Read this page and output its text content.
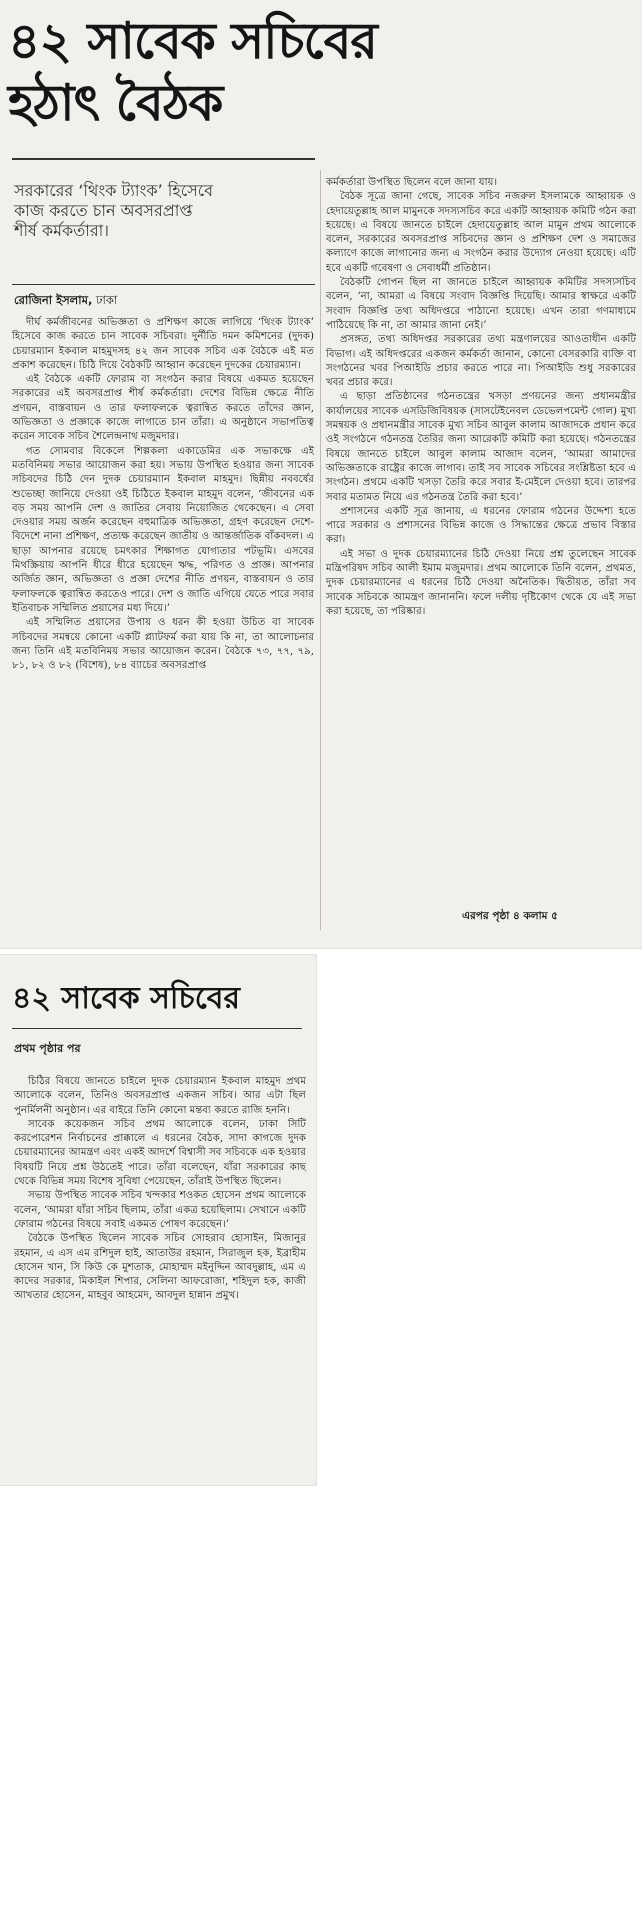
৪২ সাবেক সচিবের
হঠাৎ বৈঠক
সরকারের ‘থিংক ট্যাংক’ হিসেবে
কাজ করতে চান অবসরপ্রাপ্ত
শীর্ষ কর্মকর্তারা।
রোজিনা ইসলাম, ঢাকা

দীর্ঘ কর্মজীবনের অভিজ্ঞতা ও প্রশিক্ষণ কাজে লাগিয়ে ‘থিংক ট্যাংক’ হিসেবে কাজ করতে চান সাবেক সচিবরা। দুর্নীতি দমন কমিশনের (দুদক) চেয়ারম্যান ইকবাল মাহমুদসহ ৪২ জন সাবেক সচিব এক বৈঠকে এই মত প্রকাশ করেছেন। চিঠি দিয়ে বৈঠকটি আহ্বান করেছেন দুদকের চেয়ারম্যান।

এই বৈঠকে একটি ফোরাম বা সংগঠন করার বিষয়ে একমত হয়েছেন সরকারের এই অবসরপ্রাপ্ত শীর্ষ কর্মকর্তারা। দেশের বিভিন্ন ক্ষেত্রে নীতি প্রণয়ন, বাস্তবায়ন ও তার ফলাফলকে ত্বরান্বিত করতে তাঁদের জ্ঞান, অভিজ্ঞতা ও প্রজ্ঞাকে কাজে লাগাতে চান তাঁরা। এ অনুষ্ঠানে সভাপতিত্ব করেন সাবেক সচিব শৈলেন্দ্রনাথ মজুমদার।

গত সোমবার বিকেলে শিল্পকলা একাডেমির এক সভাকক্ষে এই মতবিনিময় সভার আয়োজন করা হয়। সভায় উপস্থিত হওয়ার জন্য সাবেক সচিবদের চিঠি দেন দুদক চেয়ারম্যান ইকবাল মাহমুদ। ছিন্নীয় নববর্ষের শুভেচ্ছা জানিয়ে দেওয়া ওই চিঠিতে ইকবাল মাহমুদ বলেন, ‘জীবনের এক বড় সময় আপনি দেশ ও জাতির সেবায় নিয়োজিত থেকেছেন। এ সেবা দেওয়ার সময় অর্জন করেছেন বহুমাত্রিক অভিজ্ঞতা, গ্রহণ করেছেন দেশে-বিদেশে নানা প্রশিক্ষণ, প্রত্যক্ষ করেছেন জাতীয় ও আন্তর্জাতিক বাঁকবদল। এ ছাড়া আপনার রয়েছে চমৎকার শিক্ষাগত যোগ্যতার পটভূমি। এসবের মিথস্ক্রিয়ায় আপনি ধীরে ধীরে হয়েছেন ঋদ্ধ, পরিণত ও প্রাজ্ঞ। আপনার অর্জিত জ্ঞান, অভিজ্ঞতা ও প্রজ্ঞা দেশের নীতি প্রণয়ন, বাস্তবায়ন ও তার ফলাফলকে ত্বরান্বিত করতেও পারে। দেশ ও জাতি এগিয়ে যেতে পারে সবার ইতিবাচক সম্মিলিত প্রয়াসের মধ্য দিয়ে।’

এই সম্মিলিত প্রয়াসের উপায় ও ধরন কী হওয়া উচিত বা সাবেক সচিবদের সমন্বয়ে কোনো একটি প্ল্যাটফর্ম করা যায় কি না, তা আলোচনার জন্য তিনি এই মতবিনিময় সভার আয়োজন করেন। বৈঠকে ৭৩, ৭৭, ৭৯, ৮১, ৮২ ও ৮২ (বিশেষ), ৮৪ ব্যাচের অবসরপ্রাপ্ত

কর্মকর্তারা উপস্থিত ছিলেন বলে জানা যায়।

বৈঠক সূত্রে জানা গেছে, সাবেক সচিব নজরুল ইসলামকে আহ্বায়ক ও হেদায়েতুল্লাহ আল মামুনকে সদস্যসচিব করে একটি আহ্বায়ক কমিটি গঠন করা হয়েছে। এ বিষয়ে জানতে চাইলে হেদায়েতুল্লাহ আল মামুন প্রথম আলোকে বলেন, সরকারের অবসরপ্রাপ্ত সচিবদের জ্ঞান ও প্রশিক্ষণ দেশ ও সমাজের কল্যাণে কাজে লাগানোর জন্য এ সংগঠন করার উদ্যোগ নেওয়া হয়েছে। এটি হবে একটি গবেষণা ও সেবাধর্মী প্রতিষ্ঠান।

বৈঠকটি গোপন ছিল না জানতে চাইলে আহ্বায়ক কমিটির সদস্যসচিব বলেন, ‘না, আমরা এ বিষয়ে সংবাদ বিজ্ঞপ্তি দিয়েছি। আমার স্বাক্ষরে একটি সংবাদ বিজ্ঞপ্তি তথ্য অধিদপ্তরে পাঠানো হয়েছে। এখন তারা গণমাধ্যমে পাঠিয়েছে কি না, তা আমার জানা নেই।’

প্রসঙ্গত, তথ্য অধিদপ্তর সরকারের তথ্য মন্ত্রণালয়ের আওতাধীন একটি বিভাগ। এই অধিদপ্তরের একজন কর্মকর্তা জানান, কোনো বেসরকারি ব্যক্তি বা সংগঠনের খবর পিআইডি প্রচার করতে পারে না। পিআইডি শুধু সরকারের খবর প্রচার করে।

এ ছাড়া প্রতিষ্ঠানের গঠনতন্ত্রের খসড়া প্রণয়নের জন্য প্রধানমন্ত্রীর কার্যালয়ের সাবেক এসডিজিবিষয়ক (সাসটেইনেবল ডেভেলপমেন্ট গোল) মুখ্য সমন্বয়ক ও প্রধানমন্ত্রীর সাবেক মুখ্য সচিব আবুল কালাম আজাদকে প্রধান করে ওই সংগঠনে গঠনতন্ত্র তৈরির জন্য আরেকটি কমিটি করা হয়েছে। গঠনতন্ত্রের বিষয়ে জানতে চাইলে আবুল কালাম আজাদ বলেন, ‘আমরা আমাদের অভিজ্ঞতাকে রাষ্ট্রের কাজে লাগাব। তাই সব সাবেক সচিবের সংশ্লিষ্টতা হবে এ সংগঠন। প্রথমে একটি খসড়া তৈরি করে সবার ই-মেইলে দেওয়া হবে। তারপর সবার মতামত নিয়ে এর গঠনতন্ত্র তৈরি করা হবে।’

প্রশাসনের একটি সূত্র জানায়, এ ধরনের ফোরাম গঠনের উদ্দেশ্য হতে পারে সরকার ও প্রশাসনের বিভিন্ন কাজে ও সিদ্ধান্তের ক্ষেত্রে প্রভাব বিস্তার করা।

এই সভা ও দুদক চেয়ারম্যানের চিঠি দেওয়া নিয়ে প্রশ্ন তুলেছেন সাবেক মন্ত্রিপরিষদ সচিব আলী ইমাম মজুমদার। প্রথম আলোকে তিনি বলেন, প্রথমত, দুদক চেয়ারম্যানের এ ধরনের চিঠি দেওয়া অনৈতিক। দ্বিতীয়ত, তাঁরা সব সাবেক সচিবকে আমন্ত্রণ জানাননি। ফলে দলীয় দৃষ্টিকোণ থেকে যে এই সভা করা হয়েছে, তা পরিষ্কার।

এরপর পৃষ্ঠা ৪ কলাম ৫
৪২ সাবেক সচিবের
প্রথম পৃষ্ঠার পর

চিঠির বিষয়ে জানতে চাইলে দুদক চেয়ারম্যান ইকবাল মাহমুদ প্রথম আলোকে বলেন, তিনিও অবসরপ্রাপ্ত একজন সচিব। আর এটা ছিল পুনর্মিলনী অনুষ্ঠান। এর বাইরে তিনি কোনো মন্তব্য করতে রাজি হননি।

সাবেক কয়েকজন সচিব প্রথম আলোকে বলেন, ঢাকা সিটি করপোরেশন নির্বাচনের প্রাক্কালে এ ধরনের বৈঠক, সাদা কাগজে দুদক চেয়ারম্যানের আমন্ত্রণ এবং একই আদর্শে বিশ্বাসী সব সচিবকে এক হওয়ার বিষয়টি নিয়ে প্রশ্ন উঠতেই পারে। তাঁরা বলেছেন, যাঁরা সরকারের কাছ থেকে বিভিন্ন সময় বিশেষ সুবিধা পেয়েছেন, তাঁরাই উপস্থিত ছিলেন।

সভায় উপস্থিত সাবেক সচিব খন্দকার শওকত হোসেন প্রথম আলোকে বলেন, ‘আমরা যাঁরা সচিব ছিলাম, তাঁরা একত্র হয়েছিলাম। সেখানে একটি ফোরাম গঠনের বিষয়ে সবাই একমত পোষণ করেছেন।’

বৈঠকে উপস্থিত ছিলেন সাবেক সচিব সোহরাব হোসাইন, মিজানুর রহমান, এ এস এম রশিদুল হাই, আতাউর রহমান, সিরাজুল হক, ইব্রাহীম হোসেন খান, সি কিউ কে মুশতাক, মোহাম্মদ মইনুদ্দিন আবদুল্লাহ, এম এ কাদের সরকার, মিকাইল শিপার, সেলিনা আফরোজা, শহিদুল হক, কাজী আখতার হোসেন, মাহবুব আহমেদ, আবদুল হান্নান প্রমুখ।
